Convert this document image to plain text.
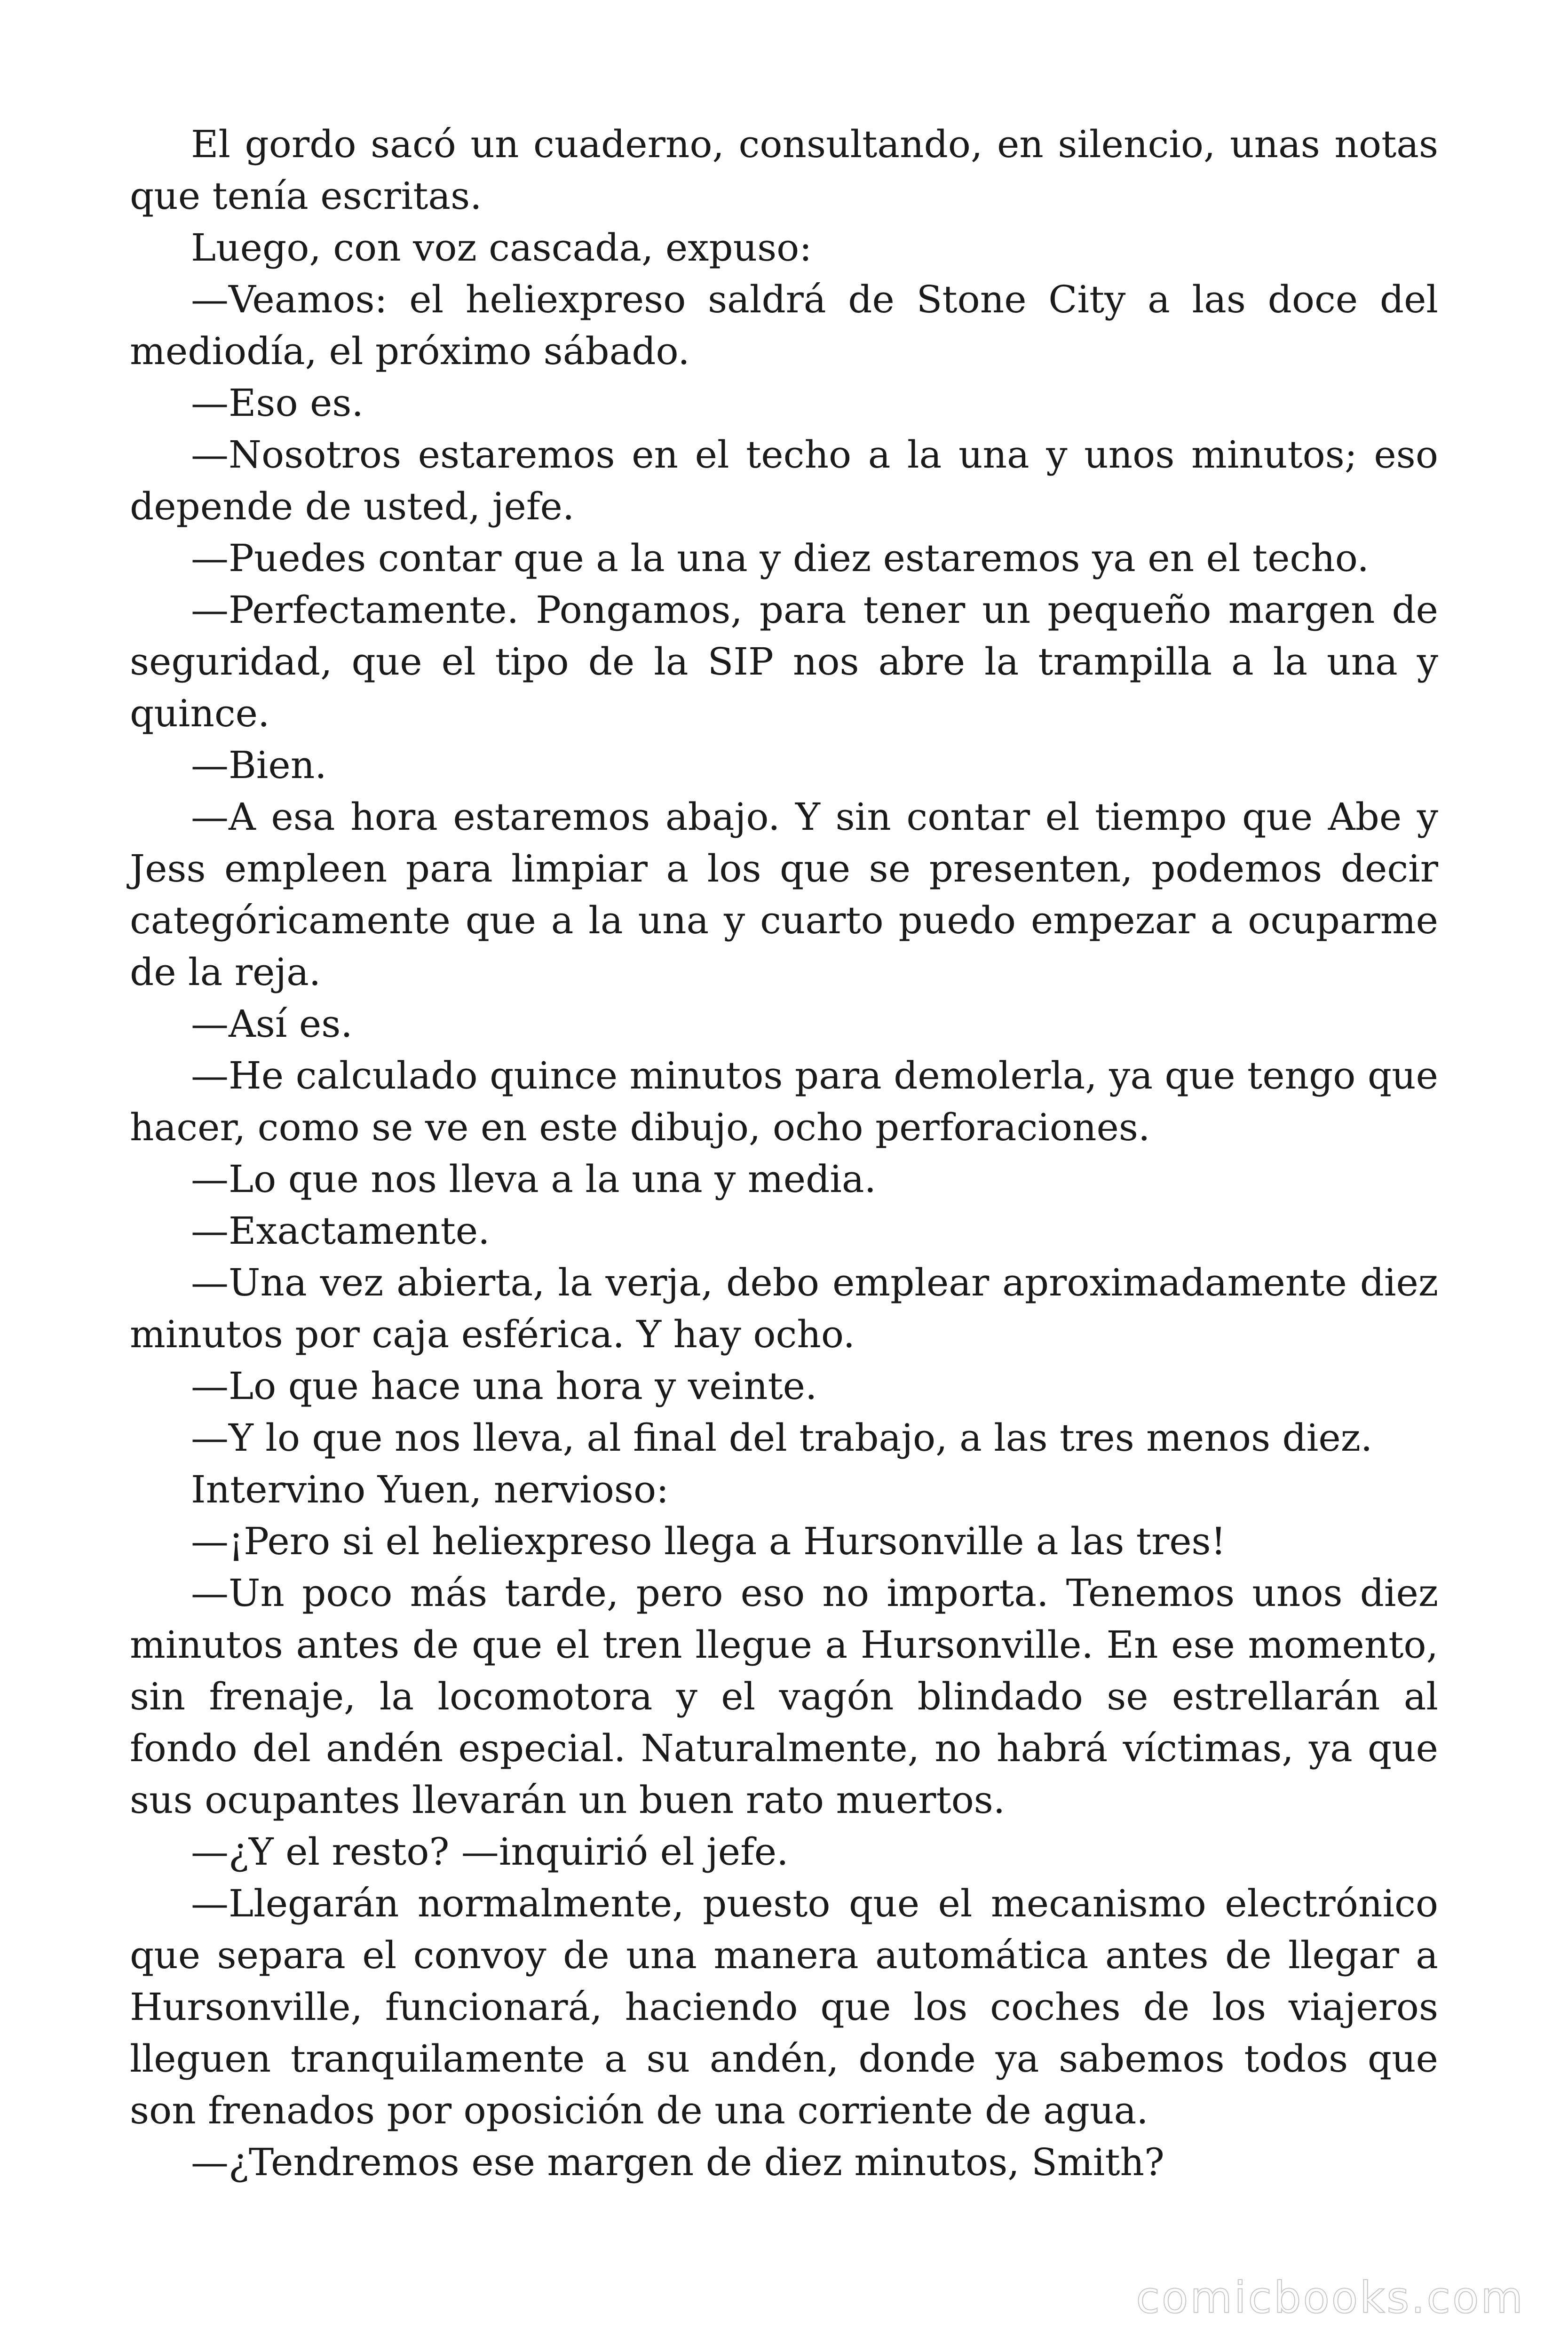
El gordo sacó un cuaderno, consultando, en silencio, unas notas que tenía escritas.

Luego, con voz cascada, expuso:

—Veamos: el heliexpreso saldrá de Stone City a las doce del mediodía, el próximo sábado.

—Eso es.

—Nosotros estaremos en el techo a la una y unos minutos; eso depende de usted, jefe.

—Puedes contar que a la una y diez estaremos ya en el techo.

—Perfectamente. Pongamos, para tener un pequeño margen de seguridad, que el tipo de la SIP nos abre la trampilla a la una y quince.

—Bien.

—A esa hora estaremos abajo. Y sin contar el tiempo que Abe y Jess empleen para limpiar a los que se presenten, podemos decir categóricamente que a la una y cuarto puedo empezar a ocuparme de la reja.

—Así es.

—He calculado quince minutos para demolerla, ya que tengo que hacer, como se ve en este dibujo, ocho perforaciones.

—Lo que nos lleva a la una y media.

—Exactamente.

—Una vez abierta, la verja, debo emplear aproximadamente diez minutos por caja esférica. Y hay ocho.

—Lo que hace una hora y veinte.

—Y lo que nos lleva, al final del trabajo, a las tres menos diez.

Intervino Yuen, nervioso:

—¡Pero si el heliexpreso llega a Hursonville a las tres!

—Un poco más tarde, pero eso no importa. Tenemos unos diez minutos antes de que el tren llegue a Hursonville. En ese momento, sin frenaje, la locomotora y el vagón blindado se estrellarán al fondo del andén especial. Naturalmente, no habrá víctimas, ya que sus ocupantes llevarán un buen rato muertos.

—¿Y el resto? —inquirió el jefe.

—Llegarán normalmente, puesto que el mecanismo electrónico que separa el convoy de una manera automática antes de llegar a Hursonville, funcionará, haciendo que los coches de los viajeros lleguen tranquilamente a su andén, donde ya sabemos todos que son frenados por oposición de una corriente de agua.

—¿Tendremos ese margen de diez minutos, Smith?

comicbooks.com
